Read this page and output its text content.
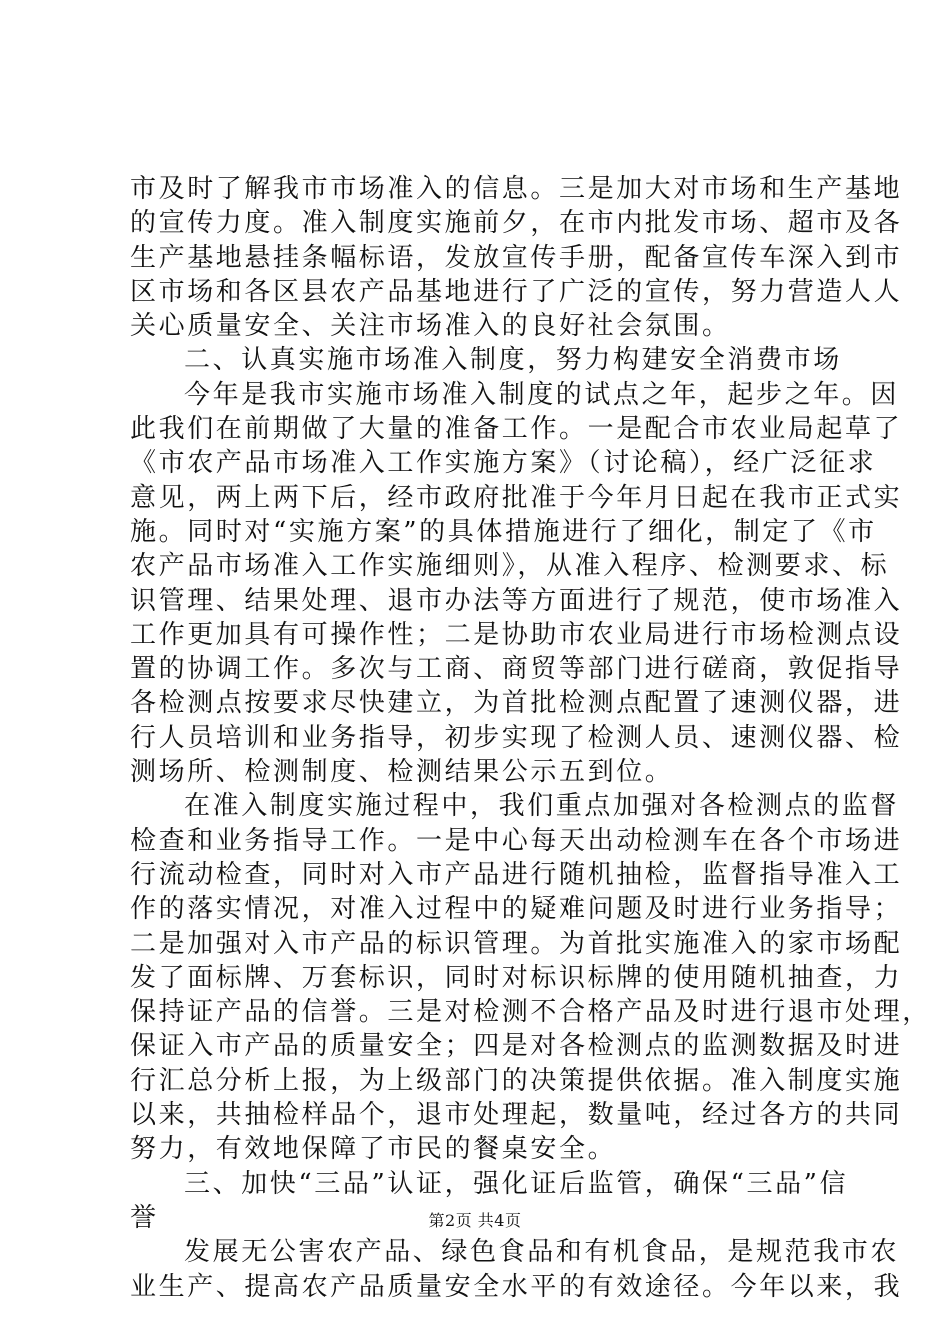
市及时了解我市市场准入的信息。三是加大对市场和生产基地
的宣传力度。准入制度实施前夕，在市内批发市场、超市及各
生产基地悬挂条幅标语，发放宣传手册，配备宣传车深入到市
区市场和各区县农产品基地进行了广泛的宣传，努力营造人人
关心质量安全、关注市场准入的良好社会氛围。
二、认真实施市场准入制度，努力构建安全消费市场
今年是我市实施市场准入制度的试点之年，起步之年。因
此我们在前期做了大量的准备工作。一是配合市农业局起草了
《市农产品市场准入工作实施方案》（讨论稿），经广泛征求
意见，两上两下后，经市政府批准于今年月日起在我市正式实
施。同时对“实施方案”的具体措施进行了细化，制定了《市
农产品市场准入工作实施细则》，从准入程序、检测要求、标
识管理、结果处理、退市办法等方面进行了规范，使市场准入
工作更加具有可操作性；二是协助市农业局进行市场检测点设
置的协调工作。多次与工商、商贸等部门进行磋商，敦促指导
各检测点按要求尽快建立，为首批检测点配置了速测仪器，进
行人员培训和业务指导，初步实现了检测人员、速测仪器、检
测场所、检测制度、检测结果公示五到位。
在准入制度实施过程中，我们重点加强对各检测点的监督
检查和业务指导工作。一是中心每天出动检测车在各个市场进
行流动检查，同时对入市产品进行随机抽检，监督指导准入工
作的落实情况，对准入过程中的疑难问题及时进行业务指导；
二是加强对入市产品的标识管理。为首批实施准入的家市场配
发了面标牌、万套标识，同时对标识标牌的使用随机抽查，力
保持证产品的信誉。三是对检测不合格产品及时进行退市处理，
保证入市产品的质量安全；四是对各检测点的监测数据及时进
行汇总分析上报，为上级部门的决策提供依据。准入制度实施
以来，共抽检样品个，退市处理起，数量吨，经过各方的共同
努力，有效地保障了市民的餐桌安全。
三、加快“三品”认证，强化证后监管，确保“三品”信
誉
发展无公害农产品、绿色食品和有机食品，是规范我市农
业生产、提高农产品质量安全水平的有效途径。今年以来，我
第2页 共4页
